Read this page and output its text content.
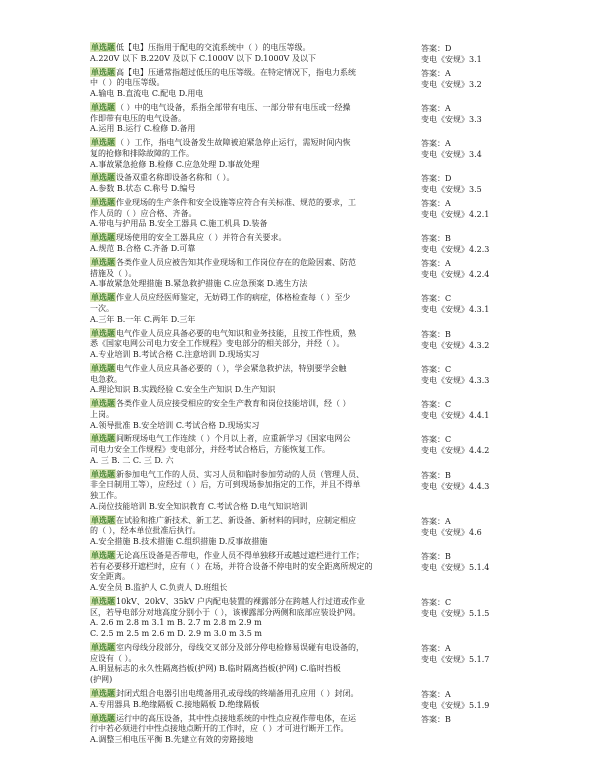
单选题低【电】压指用于配电的交流系统中（ ）的电压等级。
A.220V 以下 B.220V 及以下 C.1000V 以下 D.1000V 及以下
单选题高【电】压通常指超过低压的电压等级。在特定情况下，指电力系统
中（ ）的电压等级。
A.输电 B.直流电 C.配电 D.用电
单选题（ ）中的电气设备，系指全部带有电压、一部分带有电压或一经操
作即带有电压的电气设备。
A.运用 B.运行 C.检修 D.备用
单选题（ ）工作，指电气设备发生故障被迫紧急停止运行，需短时间内恢
复的抢修和排除故障的工作。
A.事故紧急抢修 B.检修 C.应急处理 D.事故处理
单选题设备双重名称即设备名称和（ ）。
A.参数 B.状态 C.称号 D.编号
单选题作业现场的生产条件和安全设施等应符合有关标准、规范的要求，工
作人员的（ ）应合格、齐备。
A.带电与护用品 B.安全工器具 C.施工机具 D.装备
单选题现场使用的安全工器具应（ ）并符合有关要求。
A.规范 B.合格 C.齐备 D.可靠
单选题各类作业人员应被告知其作业现场和工作岗位存在的危险因素、防范
措施及（ ）。
A.事故紧急处理措施 B.紧急救护措施 C.应急预案 D.逃生方法
单选题作业人员应经医师鉴定，无妨碍工作的病症，体格检查每（ ）至少
一次。
A.三年 B.一年 C.两年 D.三年
单选题电气作业人员应具备必要的电气知识和业务技能，且按工作性质，熟
悉《国家电网公司电力安全工作规程》变电部分的相关部分，并经（ ）。
A.专业培训 B.考试合格 C.注意培训 D.现场实习
单选题电气作业人员应具备必要的（ ），学会紧急救护法，特别要学会触
电急救。
A.理论知识 B.实践经验 C.安全生产知识 D.生产知识
单选题各类作业人员应接受相应的安全生产教育和岗位技能培训，经（ ）
上岗。
A.领导批准 B.安全培训 C.考试合格 D.现场实习
单选题间断现场电气工作连续（ ）个月以上者，应重新学习《国家电网公
司电力安全工作规程》变电部分，并经考试合格后，方能恢复工作。
A. 三 B. 二 C. 三 D. 六
单选题新参加电气工作的人员、实习人员和临时参加劳动的人员（管理人员、
非全日制用工等），应经过（ ）后，方可到现场参加指定的工作，并且不得单
独工作。
A.岗位技能培训 B.安全知识教育 C.考试合格 D.电气知识培训
单选题在试验和推广新技术、新工艺、新设备、新材料的同时，应制定相应
的（ ），经本单位批准后执行。
A.安全措施 B.技术措施 C.组织措施 D.反事故措施
单选题无论高压设备是否带电，作业人员不得单独移开或越过遮栏进行工作；
若有必要移开遮栏时，应有（ ）在场，并符合设备不停电时的安全距离所规定的
安全距离。
A.安全员 B.监护人 C.负责人 D.班组长
单选题10kV、20kV、35kV 户内配电装置的裸露部分在跨越人行过道或作业
区，若导电部分对地高度分别小于（ ），该裸露部分两侧和底部应装设护网。
A. 2.6 m 2.8 m 3.1 m B. 2.7 m 2.8 m 2.9 m
C. 2.5 m 2.5 m 2.6 m D. 2.9 m 3.0 m 3.5 m
单选题室内母线分段部分，母线交叉部分及部分停电检修易误碰有电设备的，
应设有（ ）。
A.明显标志的永久性隔离挡板(护网) B.临时隔离挡板(护网) C.临时挡板
(护网)
单选题封闭式组合电器引出电缆备用孔或母线的终端备用孔应用（ ）封闭。
A.专用器具 B.绝缘隔板 C.接地隔板 D.绝缘隔板
单选题运行中的高压设备，其中性点接地系统的中性点应视作带电体，在运
行中若必须进行中性点接地点断开的工作时，应（ ）才可进行断开工作。
A.调整三相电压平衡 B.先建立有效的旁路接地
答案：D
变电《安规》3.1
答案：A
变电《安规》3.2
答案：A
变电《安规》3.3
答案：A
变电《安规》3.4
答案：D
变电《安规》3.5
答案：A
变电《安规》4.2.1
答案：B
变电《安规》4.2.3
答案：A
变电《安规》4.2.4
答案：C
变电《安规》4.3.1
答案：B
变电《安规》4.3.2
答案：C
变电《安规》4.3.3
答案：C
变电《安规》4.4.1
答案：C
变电《安规》4.4.2
答案：B
变电《安规》4.4.3
答案：A
变电《安规》4.6
答案：B
变电《安规》5.1.4
答案：C
变电《安规》5.1.5
答案：A
变电《安规》5.1.7
答案：A
变电《安规》5.1.9
答案：B
